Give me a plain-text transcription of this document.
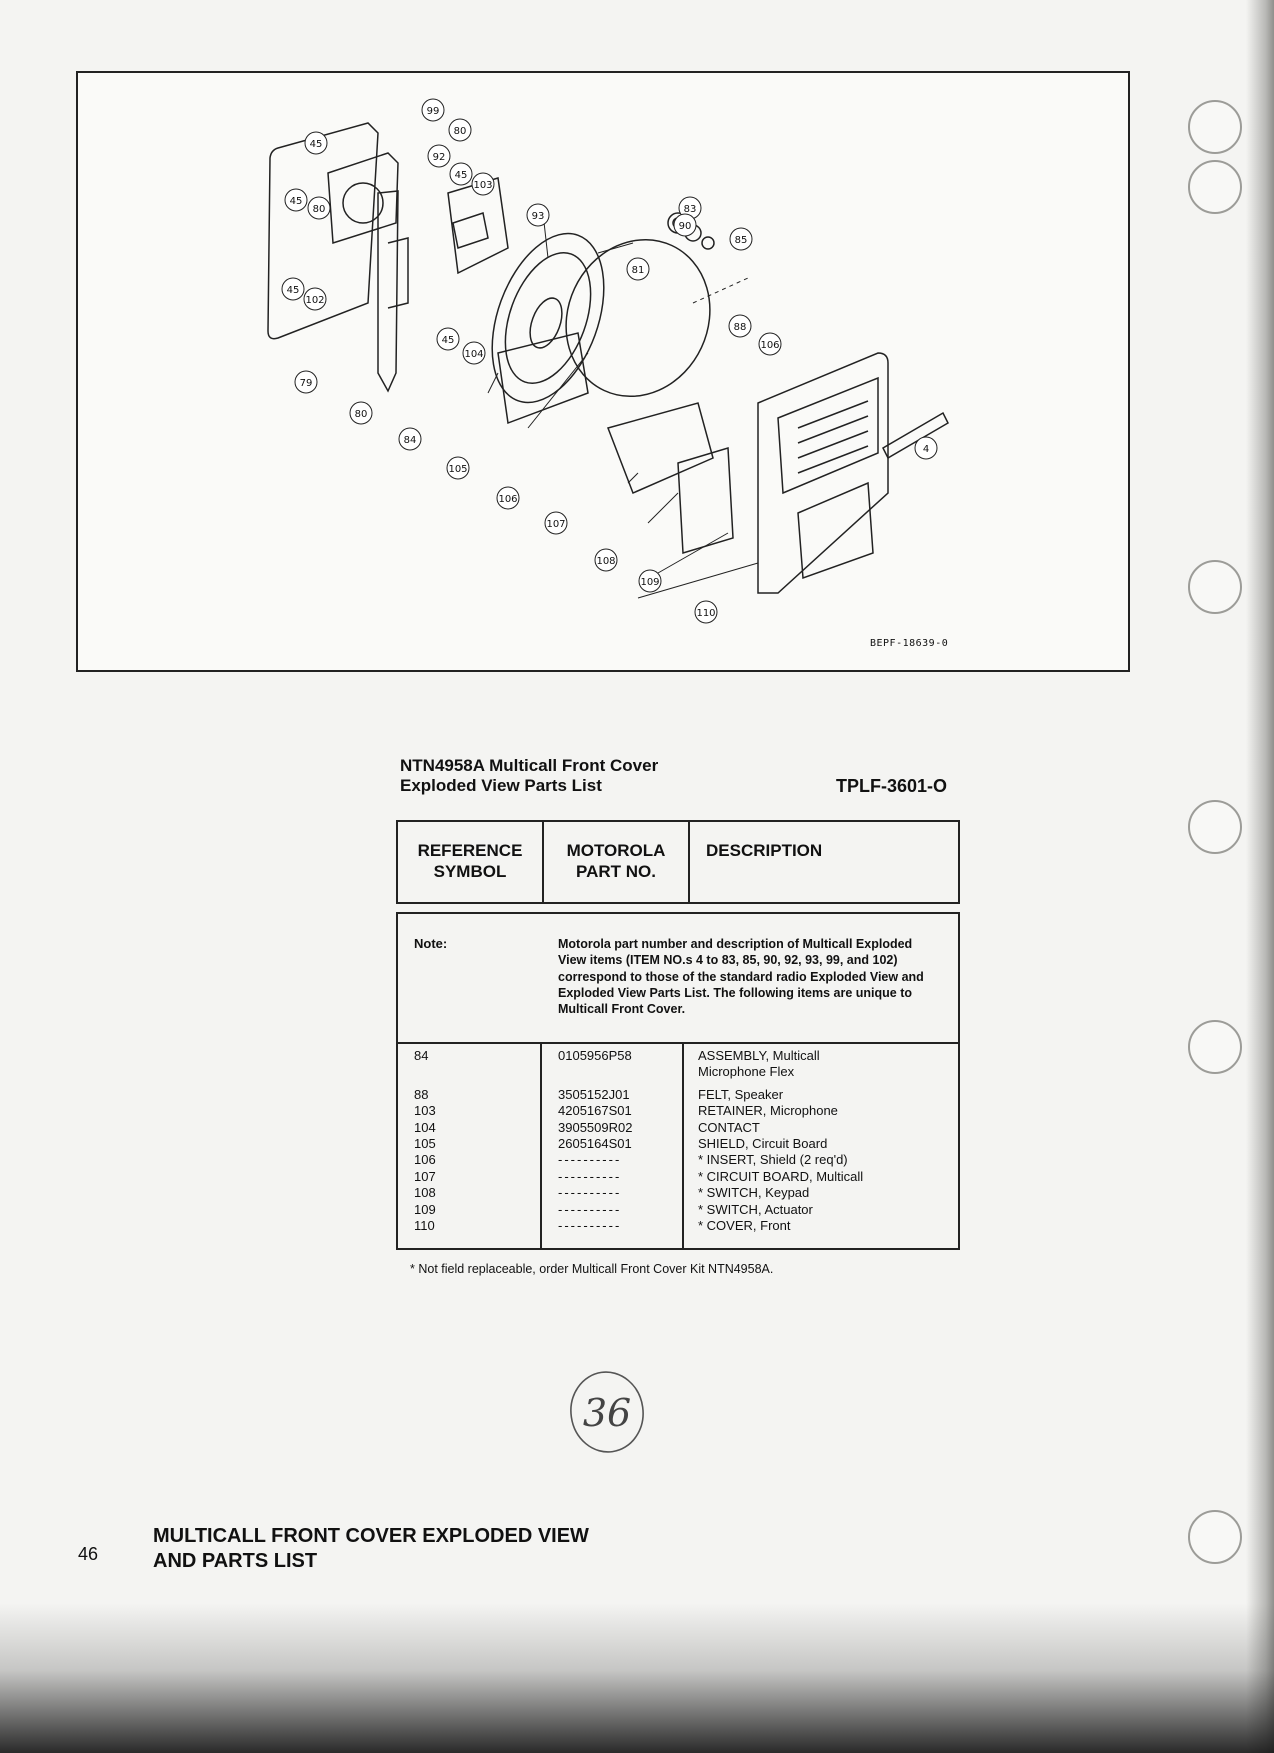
99
80
45
92
45
103
45
80
93
83
90
85
81
45
102
88
106
45
104
79
80
84
4
105
106
107
108
109
110
BEPF-18639-0
NTN4958A Multicall Front Cover
Exploded View Parts List	TPLF-3601-O
REFERENCE SYMBOL	MOTOROLA PART NO.	DESCRIPTION
Note:	Motorola part number and description of Multicall Exploded View items (ITEM NO.s 4 to 83, 85, 90, 92, 93, 99, and 102) correspond to those of the standard radio Exploded View and Exploded View Parts List. The following items are unique to Multicall Front Cover.
84	0105956P58	ASSEMBLY, Multicall
Microphone Flex
88	3505152J01	FELT, Speaker
103	4205167S01	RETAINER, Microphone
104	3905509R02	CONTACT
105	2605164S01	SHIELD, Circuit Board
106	----------	* INSERT, Shield (2 req'd)
107	----------	* CIRCUIT BOARD, Multicall
108	----------	* SWITCH, Keypad
109	----------	* SWITCH, Actuator
110	----------	* COVER, Front
* Not field replaceable, order Multicall Front Cover Kit NTN4958A.
36
46
MULTICALL FRONT COVER EXPLODED VIEW
AND PARTS LIST
